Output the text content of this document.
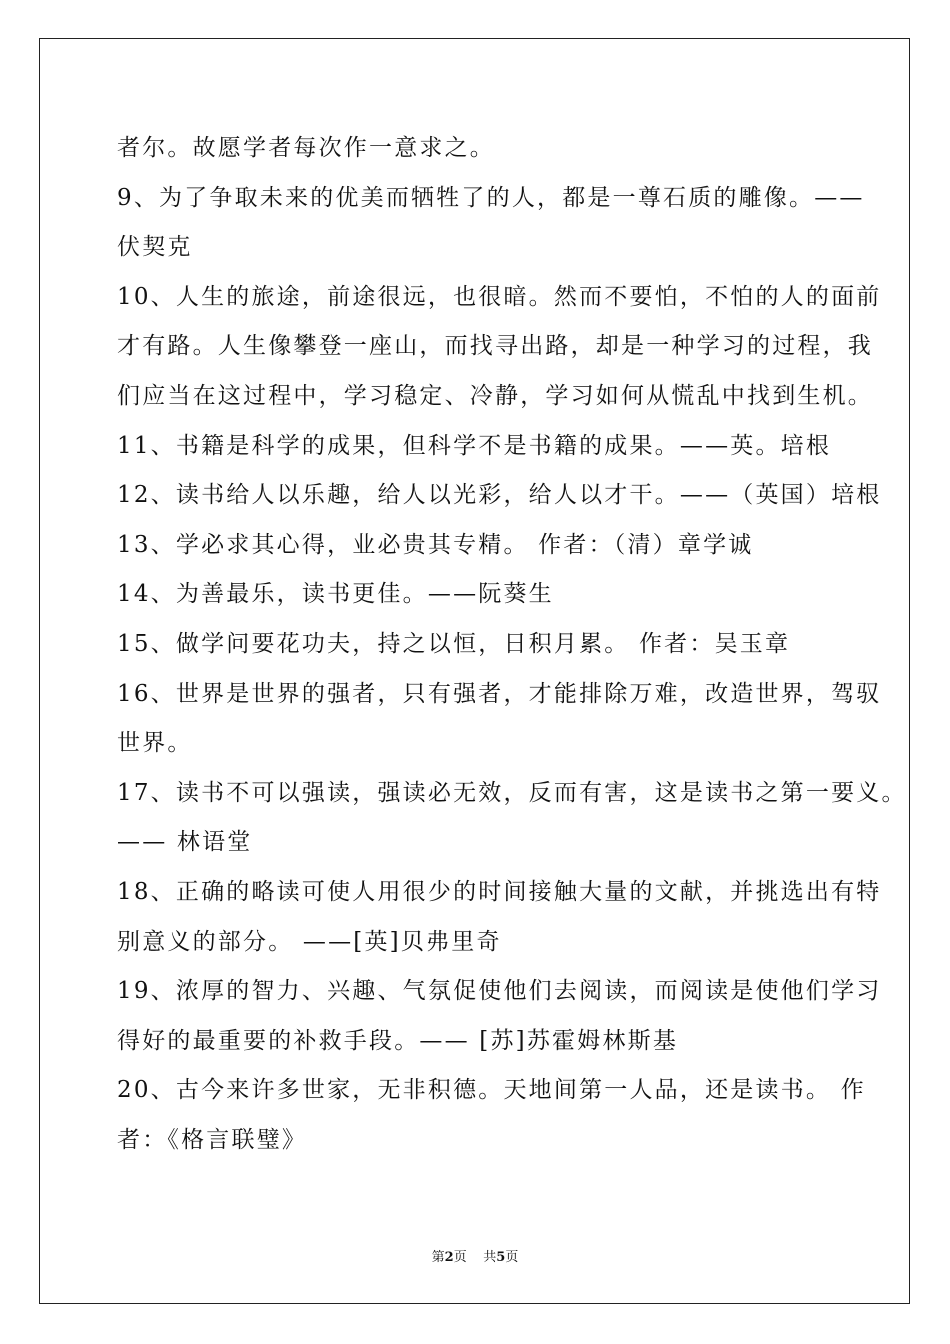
者尔。故愿学者每次作一意求之。
9、为了争取未来的优美而牺牲了的人，都是一尊石质的雕像。——
伏契克
10、人生的旅途，前途很远，也很暗。然而不要怕，不怕的人的面前
才有路。人生像攀登一座山，而找寻出路，却是一种学习的过程，我
们应当在这过程中，学习稳定、冷静，学习如何从慌乱中找到生机。
11、书籍是科学的成果，但科学不是书籍的成果。——英。培根
12、读书给人以乐趣，给人以光彩，给人以才干。——（英国）培根
13、学必求其心得，业必贵其专精。 作者：（清）章学诚
14、为善最乐，读书更佳。——阮葵生
15、做学问要花功夫，持之以恒，日积月累。 作者：吴玉章
16、世界是世界的强者，只有强者，才能排除万难，改造世界，驾驭
世界。
17、读书不可以强读，强读必无效，反而有害，这是读书之第一要义。
—— 林语堂
18、正确的略读可使人用很少的时间接触大量的文献，并挑选出有特
别意义的部分。 ——[英]贝弗里奇
19、浓厚的智力、兴趣、气氛促使他们去阅读，而阅读是使他们学习
得好的最重要的补救手段。—— [苏]苏霍姆林斯基
20、古今来许多世家，无非积德。天地间第一人品，还是读书。 作
者：《格言联璧》
第2页 共5页
